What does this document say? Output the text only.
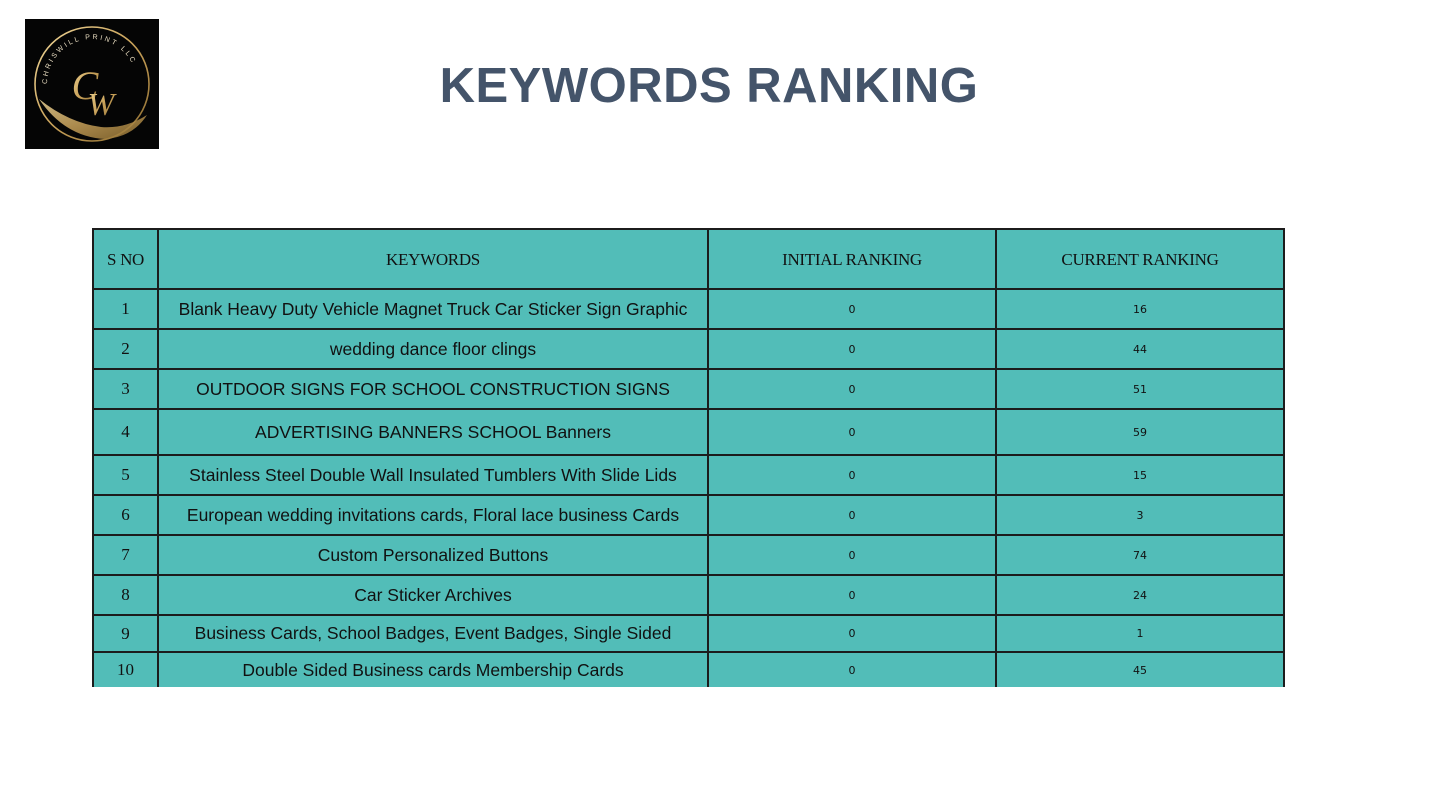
CHRISWILL PRINT LLC
C
W	KEYWORDS RANKING
S NO	KEYWORDS	INITIAL RANKING	CURRENT RANKING
1	Blank Heavy Duty Vehicle Magnet Truck Car Sticker Sign Graphic	0	16
2	wedding dance floor clings	0	44
3	OUTDOOR SIGNS FOR SCHOOL CONSTRUCTION SIGNS	0	51
4	ADVERTISING BANNERS SCHOOL Banners	0	59
5	Stainless Steel Double Wall Insulated Tumblers With Slide Lids	0	15
6	European wedding invitations cards, Floral lace business Cards	0	3
7	Custom Personalized Buttons	0	74
8	Car Sticker Archives	0	24
9	Business Cards, School Badges, Event Badges, Single Sided	0	1
10	Double Sided Business cards Membership Cards	0	45
